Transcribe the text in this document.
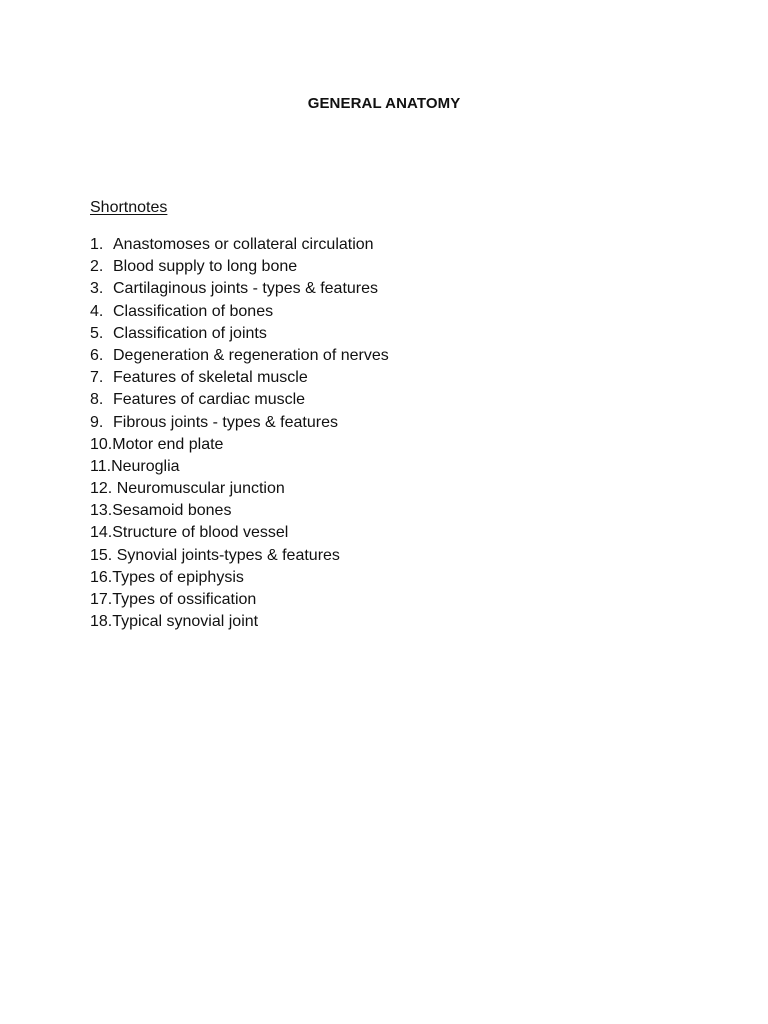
GENERAL ANATOMY
Shortnotes
1. Anastomoses or collateral circulation
2. Blood supply to long bone
3. Cartilaginous joints - types & features
4. Classification of bones
5. Classification of joints
6. Degeneration & regeneration of nerves
7. Features of skeletal muscle
8. Features of cardiac muscle
9. Fibrous joints - types & features
10. Motor end plate
11. Neuroglia
12. Neuromuscular junction
13. Sesamoid bones
14. Structure of blood vessel
15. Synovial joints-types & features
16. Types of epiphysis
17. Types of ossification
18. Typical synovial joint
